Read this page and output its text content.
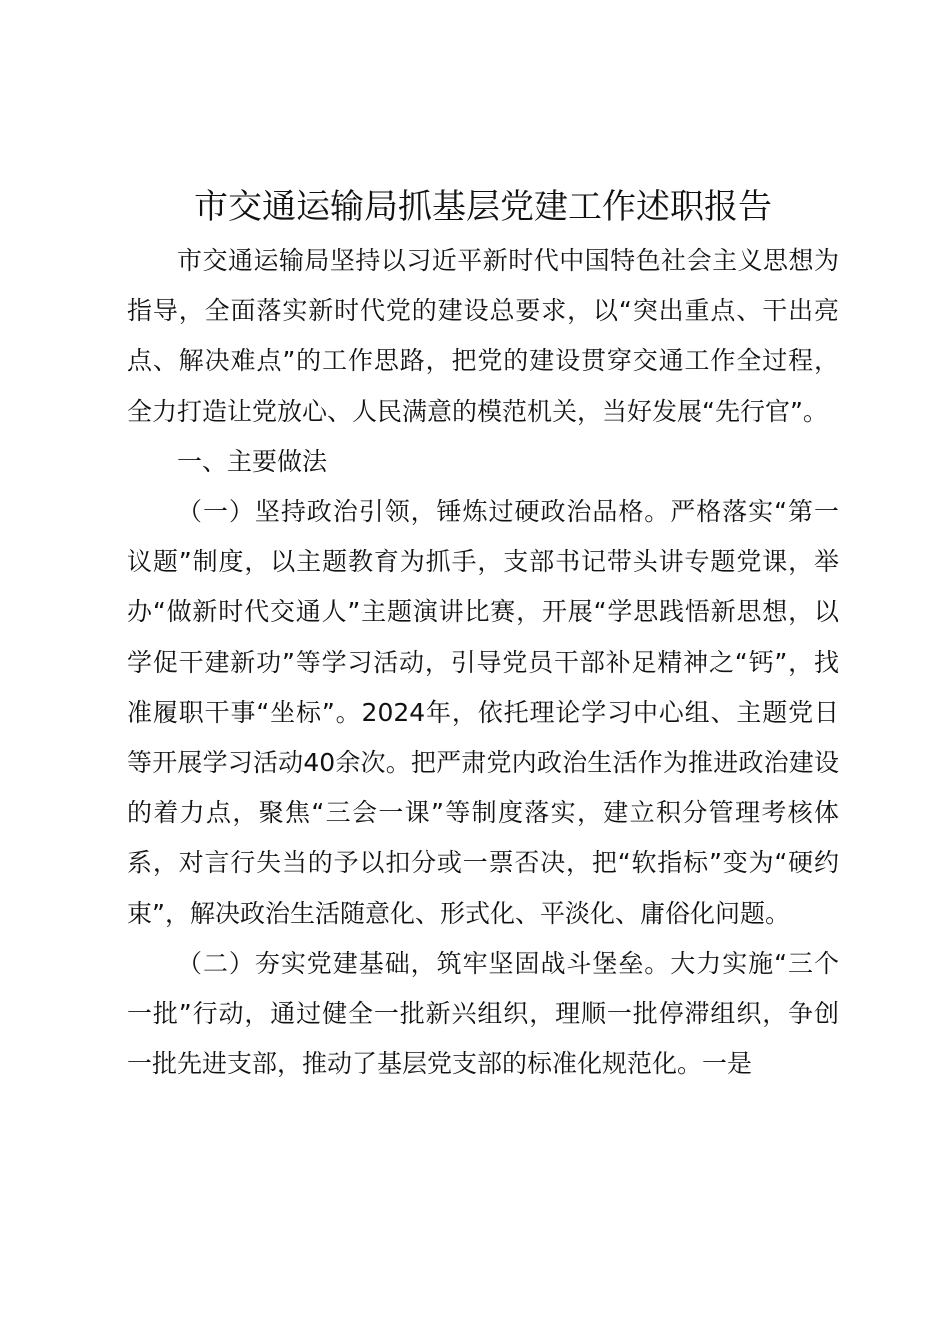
市交通运输局抓基层党建工作述职报告

市交通运输局坚持以习近平新时代中国特色社会主义思想为指导，全面落实新时代党的建设总要求，以“突出重点、干出亮点、解决难点”的工作思路，把党的建设贯穿交通工作全过程，全力打造让党放心、人民满意的模范机关，当好发展“先行官”。

一、主要做法

（一）坚持政治引领，锤炼过硬政治品格。严格落实“第一议题”制度，以主题教育为抓手，支部书记带头讲专题党课，举办“做新时代交通人”主题演讲比赛，开展“学思践悟新思想，以学促干建新功”等学习活动，引导党员干部补足精神之“钙”，找准履职干事“坐标”。2024年，依托理论学习中心组、主题党日等开展学习活动40余次。把严肃党内政治生活作为推进政治建设的着力点，聚焦“三会一课”等制度落实，建立积分管理考核体系，对言行失当的予以扣分或一票否决，把“软指标”变为“硬约束”，解决政治生活随意化、形式化、平淡化、庸俗化问题。

（二）夯实党建基础，筑牢坚固战斗堡垒。大力实施“三个一批”行动，通过健全一批新兴组织，理顺一批停滞组织，争创一批先进支部，推动了基层党支部的标准化规范化。一是
